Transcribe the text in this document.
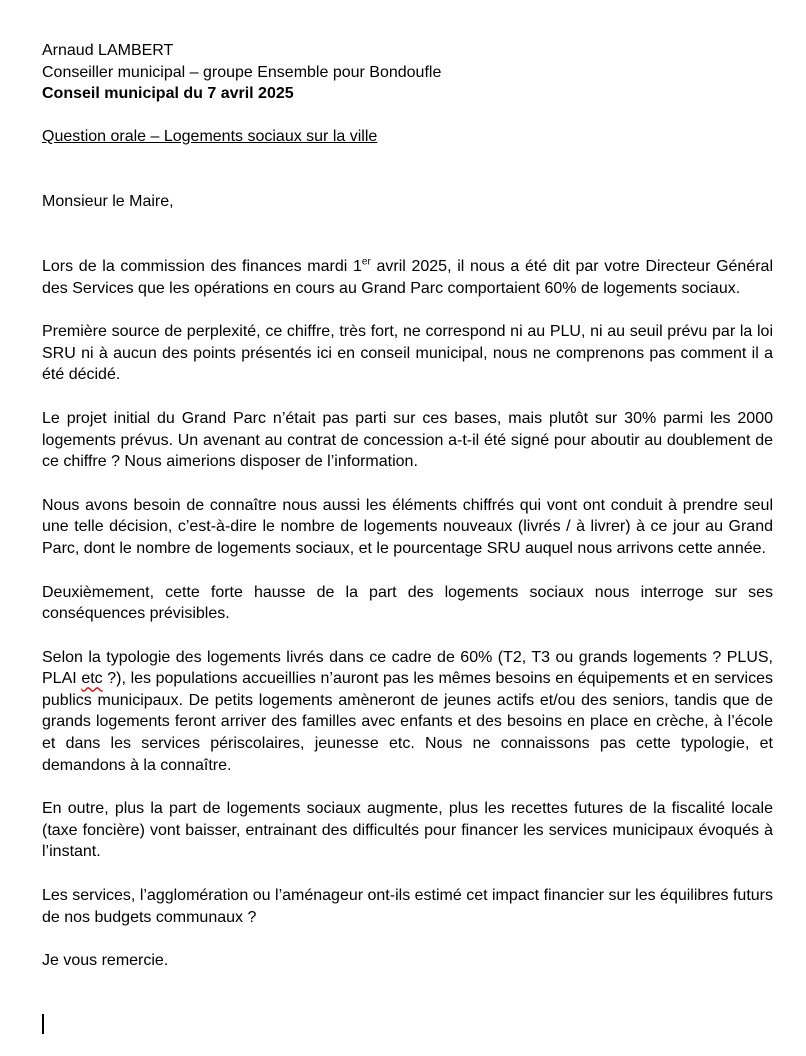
Arnaud LAMBERT

Conseiller municipal – groupe Ensemble pour Bondoufle

Conseil municipal du 7 avril 2025

Question orale – Logements sociaux sur la ville

Monsieur le Maire,

Lors de la commission des finances mardi 1er avril 2025, il nous a été dit par votre Directeur Général des Services que les opérations en cours au Grand Parc comportaient 60% de logements sociaux.

Première source de perplexité, ce chiffre, très fort, ne correspond ni au PLU, ni au seuil prévu par la loi SRU ni à aucun des points présentés ici en conseil municipal, nous ne comprenons pas comment il a été décidé.

Le projet initial du Grand Parc n’était pas parti sur ces bases, mais plutôt sur 30% parmi les 2000 logements prévus. Un avenant au contrat de concession a-t-il été signé pour aboutir au doublement de ce chiffre ? Nous aimerions disposer de l’information.

Nous avons besoin de connaître nous aussi les éléments chiffrés qui vont ont conduit à prendre seul une telle décision, c’est-à-dire le nombre de logements nouveaux (livrés / à livrer) à ce jour au Grand Parc, dont le nombre de logements sociaux, et le pourcentage SRU auquel nous arrivons cette année.

Deuxièmement, cette forte hausse de la part des logements sociaux nous interroge sur ses conséquences prévisibles.

Selon la typologie des logements livrés dans ce cadre de 60% (T2, T3 ou grands logements ? PLUS, PLAI etc ?), les populations accueillies n’auront pas les mêmes besoins en équipements et en services publics municipaux. De petits logements amèneront de jeunes actifs et/ou des seniors, tandis que de grands logements feront arriver des familles avec enfants et des besoins en place en crèche, à l’école et dans les services périscolaires, jeunesse etc. Nous ne connaissons pas cette typologie, et demandons à la connaître.

En outre, plus la part de logements sociaux augmente, plus les recettes futures de la fiscalité locale (taxe foncière) vont baisser, entrainant des difficultés pour financer les services municipaux évoqués à l’instant.

Les services, l’agglomération ou l’aménageur ont-ils estimé cet impact financier sur les équilibres futurs de nos budgets communaux ?

Je vous remercie.
